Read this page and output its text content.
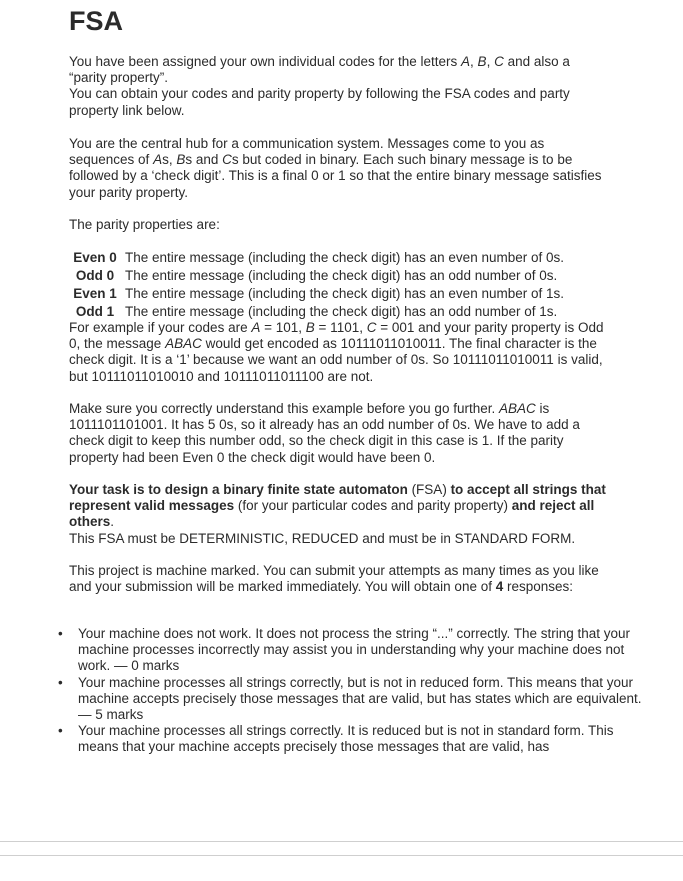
FSA

You have been assigned your own individual codes for the letters A, B, C and also a “parity property”.
You can obtain your codes and parity property by following the FSA codes and party property link below.

You are the central hub for a communication system. Messages come to you as sequences of As, Bs and Cs but coded in binary. Each such binary message is to be followed by a ‘check digit’. This is a final 0 or 1 so that the entire binary message satisfies your parity property.

The parity properties are:
Even 0	The entire message (including the check digit) has an even number of 0s.
Odd 0	The entire message (including the check digit) has an odd number of 0s.
Even 1	The entire message (including the check digit) has an even number of 1s.
Odd 1	The entire message (including the check digit) has an odd number of 1s.

For example if your codes are A = 101, B = 1101, C = 001 and your parity property is Odd 0, the message ABAC would get encoded as 10111011010011. The final character is the check digit. It is a ‘1’ because we want an odd number of 0s. So 10111011010011 is valid, but 10111011010010 and 10111011011100 are not.

Make sure you correctly understand this example before you go further. ABAC is 1011101101001. It has 5 0s, so it already has an odd number of 0s. We have to add a check digit to keep this number odd, so the check digit in this case is 1. If the parity property had been Even 0 the check digit would have been 0.

Your task is to design a binary finite state automaton (FSA) to accept all strings that represent valid messages (for your particular codes and parity property) and reject all others.
This FSA must be DETERMINISTIC, REDUCED and must be in STANDARD FORM.

This project is machine marked. You can submit your attempts as many times as you like and your submission will be marked immediately. You will obtain one of 4 responses:

• Your machine does not work. It does not process the string “...” correctly. The string that your machine processes incorrectly may assist you in understanding why your machine does not work. — 0 marks
• Your machine processes all strings correctly, but is not in reduced form. This means that your machine accepts precisely those messages that are valid, but has states which are equivalent. — 5 marks
• Your machine processes all strings correctly. It is reduced but is not in standard form. This means that your machine accepts precisely those messages that are valid, has
